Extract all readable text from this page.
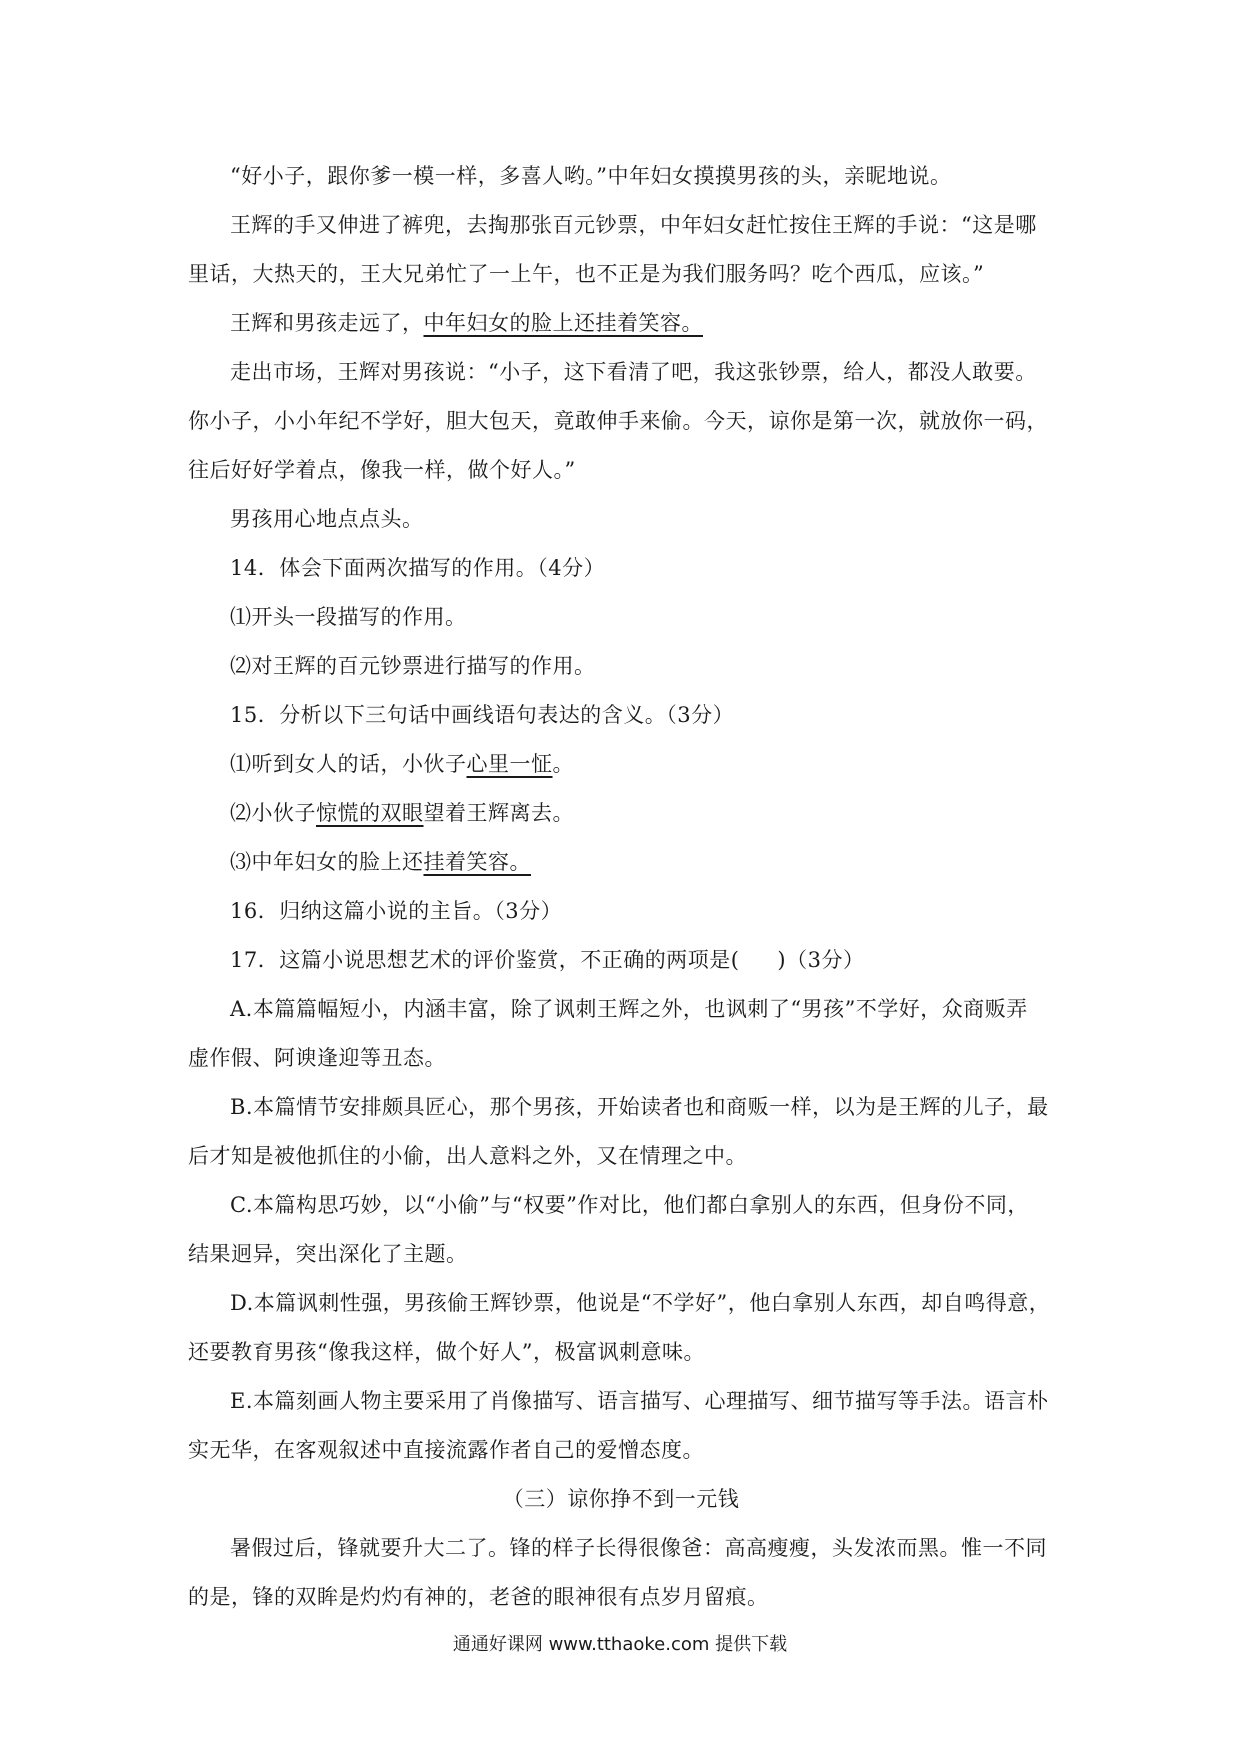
“好小子，跟你爹一模一样，多喜人哟。”中年妇女摸摸男孩的头，亲昵地说。
王辉的手又伸进了裤兜，去掏那张百元钞票，中年妇女赶忙按住王辉的手说：“这是哪
里话，大热天的，王大兄弟忙了一上午，也不正是为我们服务吗？吃个西瓜，应该。”
王辉和男孩走远了，中年妇女的脸上还挂着笑容。
走出市场，王辉对男孩说：“小子，这下看清了吧，我这张钞票，给人，都没人敢要。
你小子，小小年纪不学好，胆大包天，竟敢伸手来偷。今天，谅你是第一次，就放你一码，
往后好好学着点，像我一样，做个好人。”
男孩用心地点点头。
14．体会下面两次描写的作用。（4分）
⑴开头一段描写的作用。
⑵对王辉的百元钞票进行描写的作用。
15．分析以下三句话中画线语句表达的含义。（3分）
⑴听到女人的话，小伙子心里一怔。
⑵小伙子惊慌的双眼望着王辉离去。
⑶中年妇女的脸上还挂着笑容。
16．归纳这篇小说的主旨。（3分）
17．这篇小说思想艺术的评价鉴赏，不正确的两项是( )（3分）
A.本篇篇幅短小，内涵丰富，除了讽刺王辉之外，也讽刺了“男孩”不学好，众商贩弄
虚作假、阿谀逢迎等丑态。
B.本篇情节安排颇具匠心，那个男孩，开始读者也和商贩一样，以为是王辉的儿子，最
后才知是被他抓住的小偷，出人意料之外，又在情理之中。
C.本篇构思巧妙，以“小偷”与“权要”作对比，他们都白拿别人的东西，但身份不同，
结果迥异，突出深化了主题。
D.本篇讽刺性强，男孩偷王辉钞票，他说是“不学好”，他白拿别人东西，却自鸣得意，
还要教育男孩“像我这样，做个好人”，极富讽刺意味。
E.本篇刻画人物主要采用了肖像描写、语言描写、心理描写、细节描写等手法。语言朴
实无华，在客观叙述中直接流露作者自己的爱憎态度。
（三）谅你挣不到一元钱
暑假过后，锋就要升大二了。锋的样子长得很像爸：高高瘦瘦，头发浓而黑。惟一不同
的是，锋的双眸是灼灼有神的，老爸的眼神很有点岁月留痕。
通通好课网 www.tthaoke.com 提供下载
